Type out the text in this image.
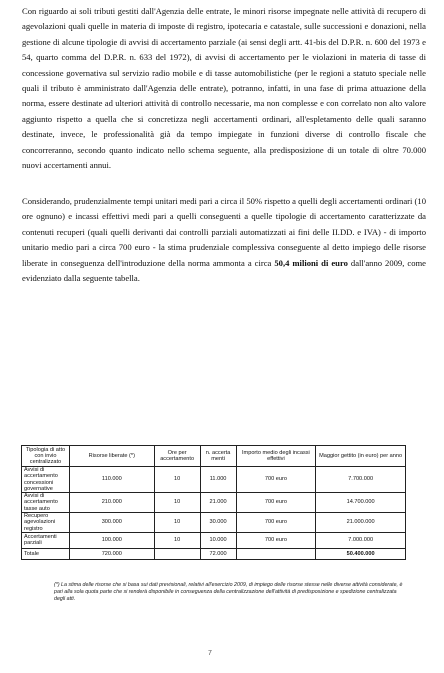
Con riguardo ai soli tributi gestiti dall'Agenzia delle entrate, le minori risorse impegnate nelle attività di recupero di agevolazioni quali quelle in materia di imposte di registro, ipotecaria e catastale, sulle successioni e donazioni, nella gestione di alcune tipologie di avvisi di accertamento parziale (ai sensi degli artt. 41-bis del D.P.R. n. 600 del 1973 e 54, quarto comma del D.P.R. n. 633 del 1972), di avvisi di accertamento per le violazioni in materia di tasse di concessione governativa sul servizio radio mobile e di tasse automobilistiche (per le regioni a statuto speciale nelle quali il tributo è amministrato dall'Agenzia delle entrate), potranno, infatti, in una fase di prima attuazione della norma, essere destinate ad ulteriori attività di controllo necessarie, ma non complesse e con correlato non alto valore aggiunto rispetto a quella che si concretizza negli accertamenti ordinari, all'espletamento delle quali saranno destinate, invece, le professionalità già da tempo impiegate in funzioni diverse di controllo fiscale che concorreranno, secondo quanto indicato nello schema seguente, alla predisposizione di un totale di oltre 70.000 nuovi accertamenti annui.

Considerando, prudenzialmente tempi unitari medi pari a circa il 50% rispetto a quelli degli accertamenti ordinari (10 ore ognuno) e incassi effettivi medi pari a quelli conseguenti a quelle tipologie di accertamento caratterizzate da contenuti recuperi (quali quelli derivanti dai controlli parziali automatizzati ai fini delle II.DD. e IVA) - di importo unitario medio pari a circa 700 euro - la stima prudenziale complessiva conseguente al detto impiego delle risorse liberate in conseguenza dell'introduzione della norma ammonta a circa 50,4 milioni di euro dall'anno 2009, come evidenziato dalla seguente tabella.

Tipologia di atto con invio centralizzato	Risorse liberate (*)	Ore per accertamento	n. accerta menti	Importo medio degli incassi effettivi	Maggior gettito (in euro) per anno
Avvisi di accertamento concessioni governative	110.000	10	11.000	700 euro	7.700.000
Avvisi di accertamento tasse auto	210.000	10	21.000	700 euro	14.700.000
Recupero agevolazioni registro	300.000	10	30.000	700 euro	21.000.000
Accertamenti parziali	100.000	10	10.000	700 euro	7.000.000
Totale	720.000		72.000		50.400.000

(*) La stima delle risorse che si basa sui dati previsionali, relativi all'esercizio 2009, di impiego delle risorse stesse nelle diverse attività considerate, è pari alla sola quota parte che si renderà disponibile in conseguenza della centralizzazione dell'attività di predisposizione e spedizione centralizzata degli atti.

7
